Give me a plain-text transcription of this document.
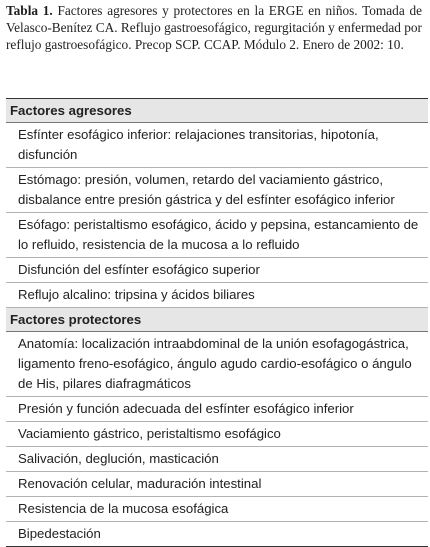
Tabla 1. Factores agresores y protectores en la ERGE en niños. Tomada de Velasco-Benítez CA. Reflujo gastroesofágico, regurgitación y enfermedad por reflujo gastroesofágico. Precop SCP. CCAP. Módulo 2. Enero de 2002: 10.

Factores agresores
Esfínter esofágico inferior: relajaciones transitorias, hipotonía, disfunción
Estómago: presión, volumen, retardo del vaciamiento gástrico, disbalance entre presión gástrica y del esfínter esofágico inferior
Esófago: peristaltismo esofágico, ácido y pepsina, estancamiento de lo refluido, resistencia de la mucosa a lo refluido
Disfunción del esfínter esofágico superior
Reflujo alcalino: tripsina y ácidos biliares
Factores protectores
Anatomía: localización intraabdominal de la unión esofagogástrica, ligamento freno-esofágico, ángulo agudo cardio-esofágico o ángulo de His, pilares diafragmáticos
Presión y función adecuada del esfínter esofágico inferior
Vaciamiento gástrico, peristaltismo esofágico
Salivación, deglución, masticación
Renovación celular, maduración intestinal
Resistencia de la mucosa esofágica
Bipedestación
